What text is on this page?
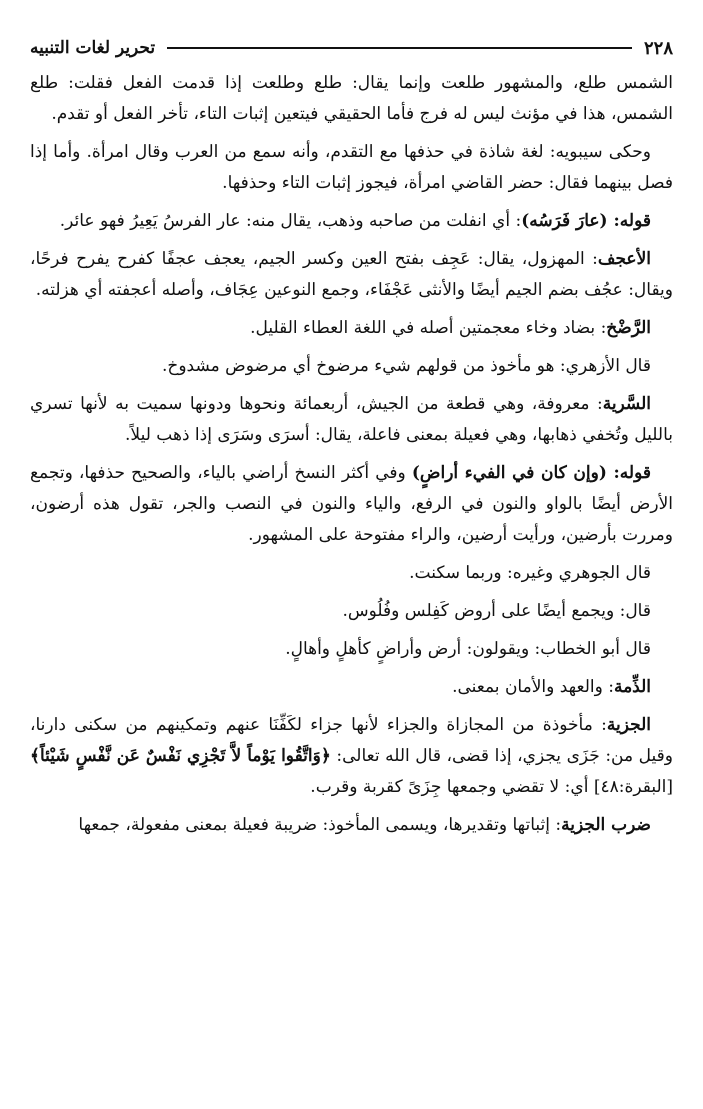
٢٢٨
تحرير لغات التنبيه

الشمس طلع، والمشهور طلعت وإنما يقال: طلع وطلعت إذا قدمت الفعل فقلت: طلع الشمس، هذا في مؤنث ليس له فرج فأما الحقيقي فيتعين إثبات التاء، تأخر الفعل أو تقدم.

وحكى سيبويه: لغة شاذة في حذفها مع التقدم، وأنه سمع من العرب وقال امرأة. وأما إذا فصل بينهما فقال: حضر القاضي امرأة، فيجوز إثبات التاء وحذفها.

قوله: (عارَ فَرَسُه): أي انفلت من صاحبه وذهب، يقال منه: عار الفرسُ يَعِيرُ فهو عائر.

الأعجف: المهزول، يقال: عَجِف بفتح العين وكسر الجيم، يعجف عجفًا كفرح يفرح فرحًا، ويقال: عجُف بضم الجيم أيضًا والأنثى عَجْفَاء، وجمع النوعين عِجَاف، وأصله أعجفته أي هزلته.

الرَّضْخ: بضاد وخاء معجمتين أصله في اللغة العطاء القليل.

قال الأزهري: هو مأخوذ من قولهم شيء مرضوخ أي مرضوض مشدوخ.

السَّرية: معروفة، وهي قطعة من الجيش، أربعمائة ونحوها ودونها سميت به لأنها تسري بالليل وتُخفي ذهابها، وهي فعيلة بمعنى فاعلة، يقال: أسرَى وسَرَى إذا ذهب ليلاً.

قوله: (وإن كان في الفيء أراضٍ) وفي أكثر النسخ أراضي بالياء، والصحيح حذفها، وتجمع الأرض أيضًا بالواو والنون في الرفع، والياء والنون في النصب والجر، تقول هذه أرضون، ومررت بأرضين، ورأيت أرضين، والراء مفتوحة على المشهور.

قال الجوهري وغيره: وربما سكنت.

قال: ويجمع أيضًا على أروض كَفِلس وفُلُوس.

قال أبو الخطاب: ويقولون: أرض وأراضٍ كأهلٍ وأهالٍ.

الذِّمة: والعهد والأمان بمعنى.

الجزية: مأخوذة من المجازاة والجزاء لأنها جزاء لكَفِّنَا عنهم وتمكينهم من سكنى دارنا، وقيل من: جَزَى يجزي، إذا قضى، قال الله تعالى: ﴿وَاتَّقُوا يَوْماً لاَّ تَجْزِي نَفْسٌ عَن نَّفْسٍ شَيْئاً﴾ [البقرة:٤٨] أي: لا تقضي وجمعها جِزَىً كقربة وقرب.

ضرب الجزية: إثباتها وتقديرها، ويسمى المأخوذ: ضريبة فعيلة بمعنى مفعولة، جمعها
